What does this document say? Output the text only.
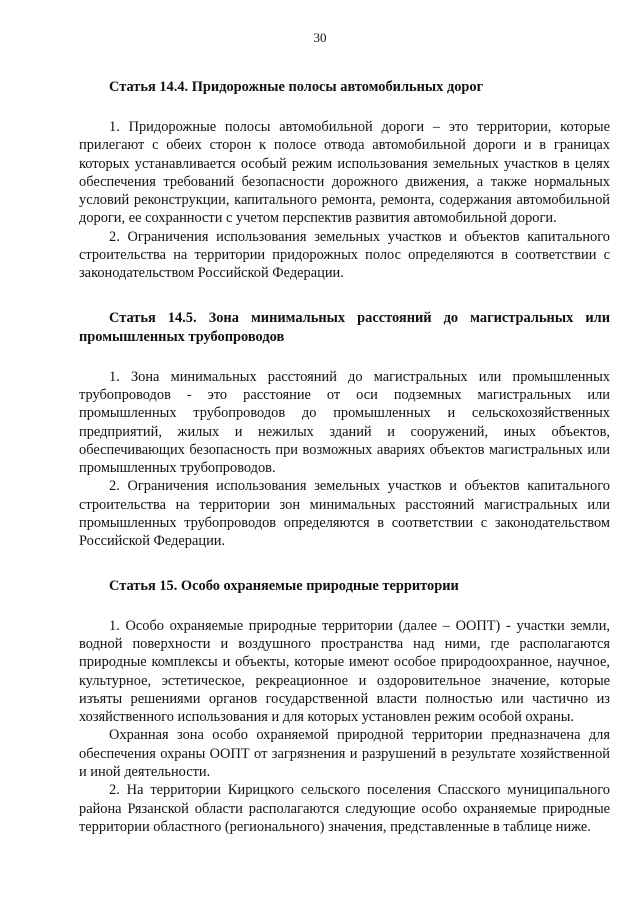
30

Статья 14.4. Придорожные полосы автомобильных дорог

1. Придорожные полосы автомобильной дороги – это территории, которые прилегают с обеих сторон к полосе отвода автомобильной дороги и в границах которых устанавливается особый режим использования земельных участков в целях обеспечения требований безопасности дорожного движения, а также нормальных условий реконструкции, капитального ремонта, ремонта, содержания автомобильной дороги, ее сохранности с учетом перспектив развития автомобильной дороги.

2. Ограничения использования земельных участков и объектов капитального строительства на территории придорожных полос определяются в соответствии с законодательством Российской Федерации.

Статья 14.5. Зона минимальных расстояний до магистральных или промышленных трубопроводов

1. Зона минимальных расстояний до магистральных или промышленных трубопроводов - это расстояние от оси подземных магистральных или промышленных трубопроводов до промышленных и сельскохозяйственных предприятий, жилых и нежилых зданий и сооружений, иных объектов, обеспечивающих безопасность при возможных авариях объектов магистральных или промышленных трубопроводов.

2. Ограничения использования земельных участков и объектов капитального строительства на территории зон минимальных расстояний магистральных или промышленных трубопроводов определяются в соответствии с законодательством Российской Федерации.

Статья 15. Особо охраняемые природные территории

1. Особо охраняемые природные территории (далее – ООПТ) - участки земли, водной поверхности и воздушного пространства над ними, где располагаются природные комплексы и объекты, которые имеют особое природоохранное, научное, культурное, эстетическое, рекреационное и оздоровительное значение, которые изъяты решениями органов государственной власти полностью или частично из хозяйственного использования и для которых установлен режим особой охраны.

Охранная зона особо охраняемой природной территории предназначена для обеспечения охраны ООПТ от загрязнения и разрушений в результате хозяйственной и иной деятельности.

2. На территории Кирицкого сельского поселения Спасского муниципального района Рязанской области располагаются следующие особо охраняемые природные территории областного (регионального) значения, представленные в таблице ниже.
